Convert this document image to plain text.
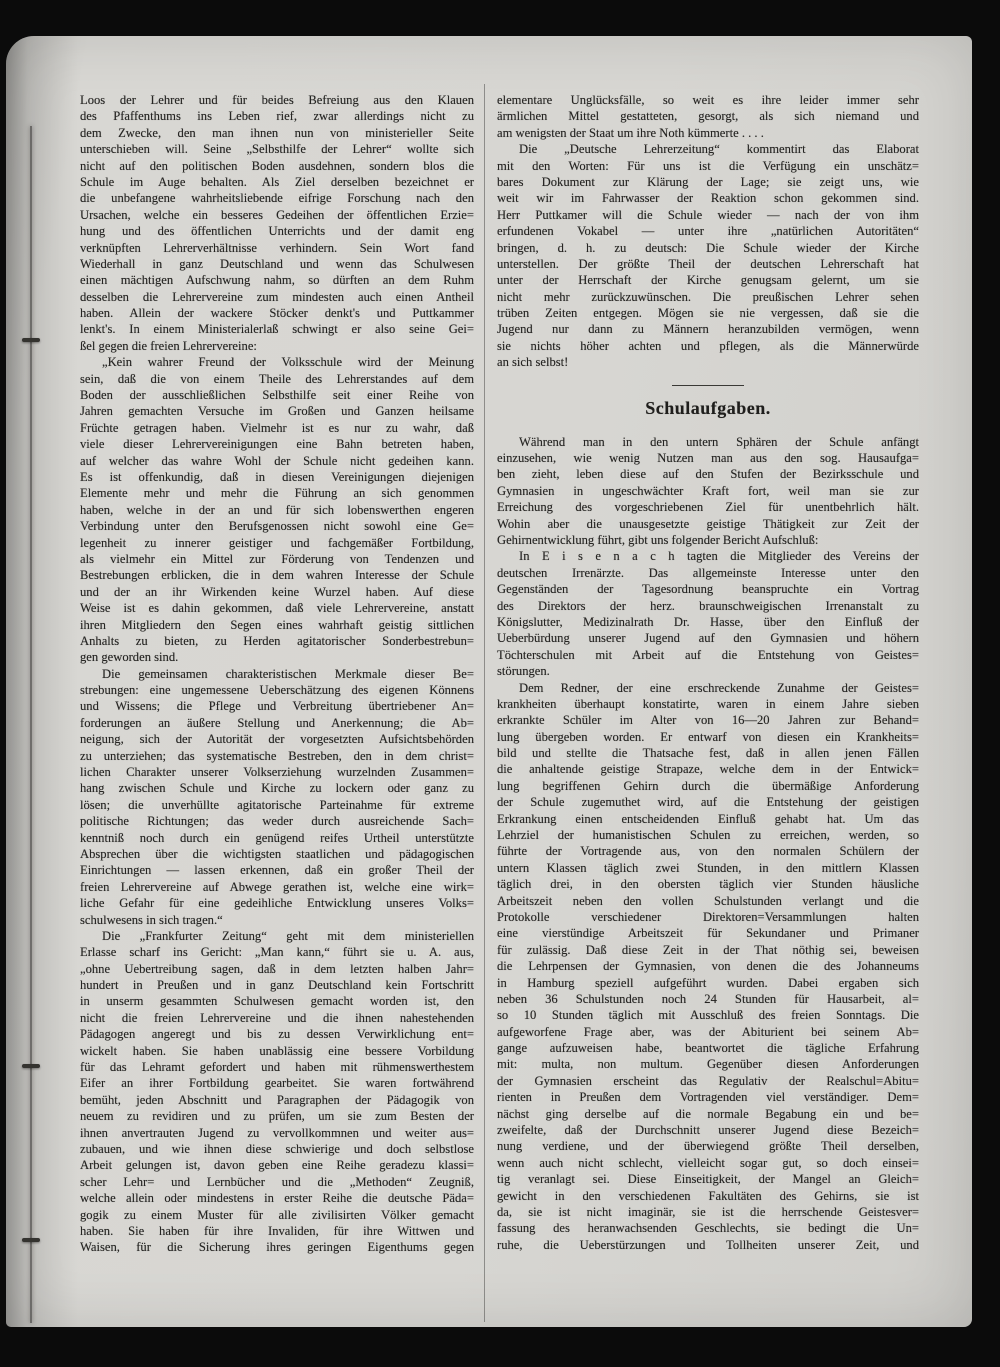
Loos der Lehrer und für beides Befreiung aus den Klauen
des Pfaffenthums ins Leben rief, zwar allerdings nicht zu
dem Zwecke, den man ihnen nun von ministerieller Seite
unterschieben will. Seine „Selbsthilfe der Lehrer“ wollte sich
nicht auf den politischen Boden ausdehnen, sondern blos die
Schule im Auge behalten. Als Ziel derselben bezeichnet er
die unbefangene wahrheitsliebende eifrige Forschung nach den
Ursachen, welche ein besseres Gedeihen der öffentlichen Erzie=
hung und des öffentlichen Unterrichts und der damit eng
verknüpften Lehrerverhältnisse verhindern. Sein Wort fand
Wiederhall in ganz Deutschland und wenn das Schulwesen
einen mächtigen Aufschwung nahm, so dürften an dem Ruhm
desselben die Lehrervereine zum mindesten auch einen Antheil
haben. Allein der wackere Stöcker denkt's und Puttkammer
lenkt's. In einem Ministerialerlaß schwingt er also seine Gei=
ßel gegen die freien Lehrervereine:
„Kein wahrer Freund der Volksschule wird der Meinung
sein, daß die von einem Theile des Lehrerstandes auf dem
Boden der ausschließlichen Selbsthilfe seit einer Reihe von
Jahren gemachten Versuche im Großen und Ganzen heilsame
Früchte getragen haben. Vielmehr ist es nur zu wahr, daß
viele dieser Lehrervereinigungen eine Bahn betreten haben,
auf welcher das wahre Wohl der Schule nicht gedeihen kann.
Es ist offenkundig, daß in diesen Vereinigungen diejenigen
Elemente mehr und mehr die Führung an sich genommen
haben, welche in der an und für sich lobenswerthen engeren
Verbindung unter den Berufsgenossen nicht sowohl eine Ge=
legenheit zu innerer geistiger und fachgemäßer Fortbildung,
als vielmehr ein Mittel zur Förderung von Tendenzen und
Bestrebungen erblicken, die in dem wahren Interesse der Schule
und der an ihr Wirkenden keine Wurzel haben. Auf diese
Weise ist es dahin gekommen, daß viele Lehrervereine, anstatt
ihren Mitgliedern den Segen eines wahrhaft geistig sittlichen
Anhalts zu bieten, zu Herden agitatorischer Sonderbestrebun=
gen geworden sind.
Die gemeinsamen charakteristischen Merkmale dieser Be=
strebungen: eine ungemessene Ueberschätzung des eigenen Könnens
und Wissens; die Pflege und Verbreitung übertriebener An=
forderungen an äußere Stellung und Anerkennung; die Ab=
neigung, sich der Autorität der vorgesetzten Aufsichtsbehörden
zu unterziehen; das systematische Bestreben, den in dem christ=
lichen Charakter unserer Volkserziehung wurzelnden Zusammen=
hang zwischen Schule und Kirche zu lockern oder ganz zu
lösen; die unverhüllte agitatorische Parteinahme für extreme
politische Richtungen; das weder durch ausreichende Sach=
kenntniß noch durch ein genügend reifes Urtheil unterstützte
Absprechen über die wichtigsten staatlichen und pädagogischen
Einrichtungen — lassen erkennen, daß ein großer Theil der
freien Lehrervereine auf Abwege gerathen ist, welche eine wirk=
liche Gefahr für eine gedeihliche Entwicklung unseres Volks=
schulwesens in sich tragen.“
Die „Frankfurter Zeitung“ geht mit dem ministeriellen
Erlasse scharf ins Gericht: „Man kann,“ führt sie u. A. aus,
„ohne Uebertreibung sagen, daß in dem letzten halben Jahr=
hundert in Preußen und in ganz Deutschland kein Fortschritt
in unserm gesammten Schulwesen gemacht worden ist, den
nicht die freien Lehrervereine und die ihnen nahestehenden
Pädagogen angeregt und bis zu dessen Verwirklichung ent=
wickelt haben. Sie haben unablässig eine bessere Vorbildung
für das Lehramt gefordert und haben mit rühmenswerthestem
Eifer an ihrer Fortbildung gearbeitet. Sie waren fortwährend
bemüht, jeden Abschnitt und Paragraphen der Pädagogik von
neuem zu revidiren und zu prüfen, um sie zum Besten der
ihnen anvertrauten Jugend zu vervollkommnen und weiter aus=
zubauen, und wie ihnen diese schwierige und doch selbstlose
Arbeit gelungen ist, davon geben eine Reihe geradezu klassi=
scher Lehr= und Lernbücher und die „Methoden“ Zeugniß,
welche allein oder mindestens in erster Reihe die deutsche Päda=
gogik zu einem Muster für alle zivilisirten Völker gemacht
haben. Sie haben für ihre Invaliden, für ihre Wittwen und
Waisen, für die Sicherung ihres geringen Eigenthums gegen
elementare Unglücksfälle, so weit es ihre leider immer sehr
ärmlichen Mittel gestatteten, gesorgt, als sich niemand und
am wenigsten der Staat um ihre Noth kümmerte . . . .
Die „Deutsche Lehrerzeitung“ kommentirt das Elaborat
mit den Worten: Für uns ist die Verfügung ein unschätz=
bares Dokument zur Klärung der Lage; sie zeigt uns, wie
weit wir im Fahrwasser der Reaktion schon gekommen sind.
Herr Puttkamer will die Schule wieder — nach der von ihm
erfundenen Vokabel — unter ihre „natürlichen Autoritäten“
bringen, d. h. zu deutsch: Die Schule wieder der Kirche
unterstellen. Der größte Theil der deutschen Lehrerschaft hat
unter der Herrschaft der Kirche genugsam gelernt, um sie
nicht mehr zurückzuwünschen. Die preußischen Lehrer sehen
trüben Zeiten entgegen. Mögen sie nie vergessen, daß sie die
Jugend nur dann zu Männern heranzubilden vermögen, wenn
sie nichts höher achten und pflegen, als die Männerwürde
an sich selbst!
Schulaufgaben.
Während man in den untern Sphären der Schule anfängt
einzusehen, wie wenig Nutzen man aus den sog. Hausaufga=
ben zieht, leben diese auf den Stufen der Bezirksschule und
Gymnasien in ungeschwächter Kraft fort, weil man sie zur
Erreichung des vorgeschriebenen Ziel für unentbehrlich hält.
Wohin aber die unausgesetzte geistige Thätigkeit zur Zeit der
Gehirnentwicklung führt, gibt uns folgender Bericht Aufschluß:
In E i s e n a c h tagten die Mitglieder des Vereins der
deutschen Irrenärzte. Das allgemeinste Interesse unter den
Gegenständen der Tagesordnung beanspruchte ein Vortrag
des Direktors der herz. braunschweigischen Irrenanstalt zu
Königslutter, Medizinalrath Dr. Hasse, über den Einfluß der
Ueberbürdung unserer Jugend auf den Gymnasien und höhern
Töchterschulen mit Arbeit auf die Entstehung von Geistes=
störungen.
Dem Redner, der eine erschreckende Zunahme der Geistes=
krankheiten überhaupt konstatirte, waren in einem Jahre sieben
erkrankte Schüler im Alter von 16—20 Jahren zur Behand=
lung übergeben worden. Er entwarf von diesen ein Krankheits=
bild und stellte die Thatsache fest, daß in allen jenen Fällen
die anhaltende geistige Strapaze, welche dem in der Entwick=
lung begriffenen Gehirn durch die übermäßige Anforderung
der Schule zugemuthet wird, auf die Entstehung der geistigen
Erkrankung einen entscheidenden Einfluß gehabt hat. Um das
Lehrziel der humanistischen Schulen zu erreichen, werden, so
führte der Vortragende aus, von den normalen Schülern der
untern Klassen täglich zwei Stunden, in den mittlern Klassen
täglich drei, in den obersten täglich vier Stunden häusliche
Arbeitszeit neben den vollen Schulstunden verlangt und die
Protokolle verschiedener Direktoren=Versammlungen halten
eine vierstündige Arbeitszeit für Sekundaner und Primaner
für zulässig. Daß diese Zeit in der That nöthig sei, beweisen
die Lehrpensen der Gymnasien, von denen die des Johanneums
in Hamburg speziell aufgeführt wurden. Dabei ergaben sich
neben 36 Schulstunden noch 24 Stunden für Hausarbeit, al=
so 10 Stunden täglich mit Ausschluß des freien Sonntags. Die
aufgeworfene Frage aber, was der Abiturient bei seinem Ab=
gange aufzuweisen habe, beantwortet die tägliche Erfahrung
mit: multa, non multum. Gegenüber diesen Anforderungen
der Gymnasien erscheint das Regulativ der Realschul=Abitu=
rienten in Preußen dem Vortragenden viel verständiger. Dem=
nächst ging derselbe auf die normale Begabung ein und be=
zweifelte, daß der Durchschnitt unserer Jugend diese Bezeich=
nung verdiene, und der überwiegend größte Theil derselben,
wenn auch nicht schlecht, vielleicht sogar gut, so doch einsei=
tig veranlagt sei. Diese Einseitigkeit, der Mangel an Gleich=
gewicht in den verschiedenen Fakultäten des Gehirns, sie ist
da, sie ist nicht imaginär, sie ist die herrschende Geistesver=
fassung des heranwachsenden Geschlechts, sie bedingt die Un=
ruhe, die Ueberstürzungen und Tollheiten unserer Zeit, und
